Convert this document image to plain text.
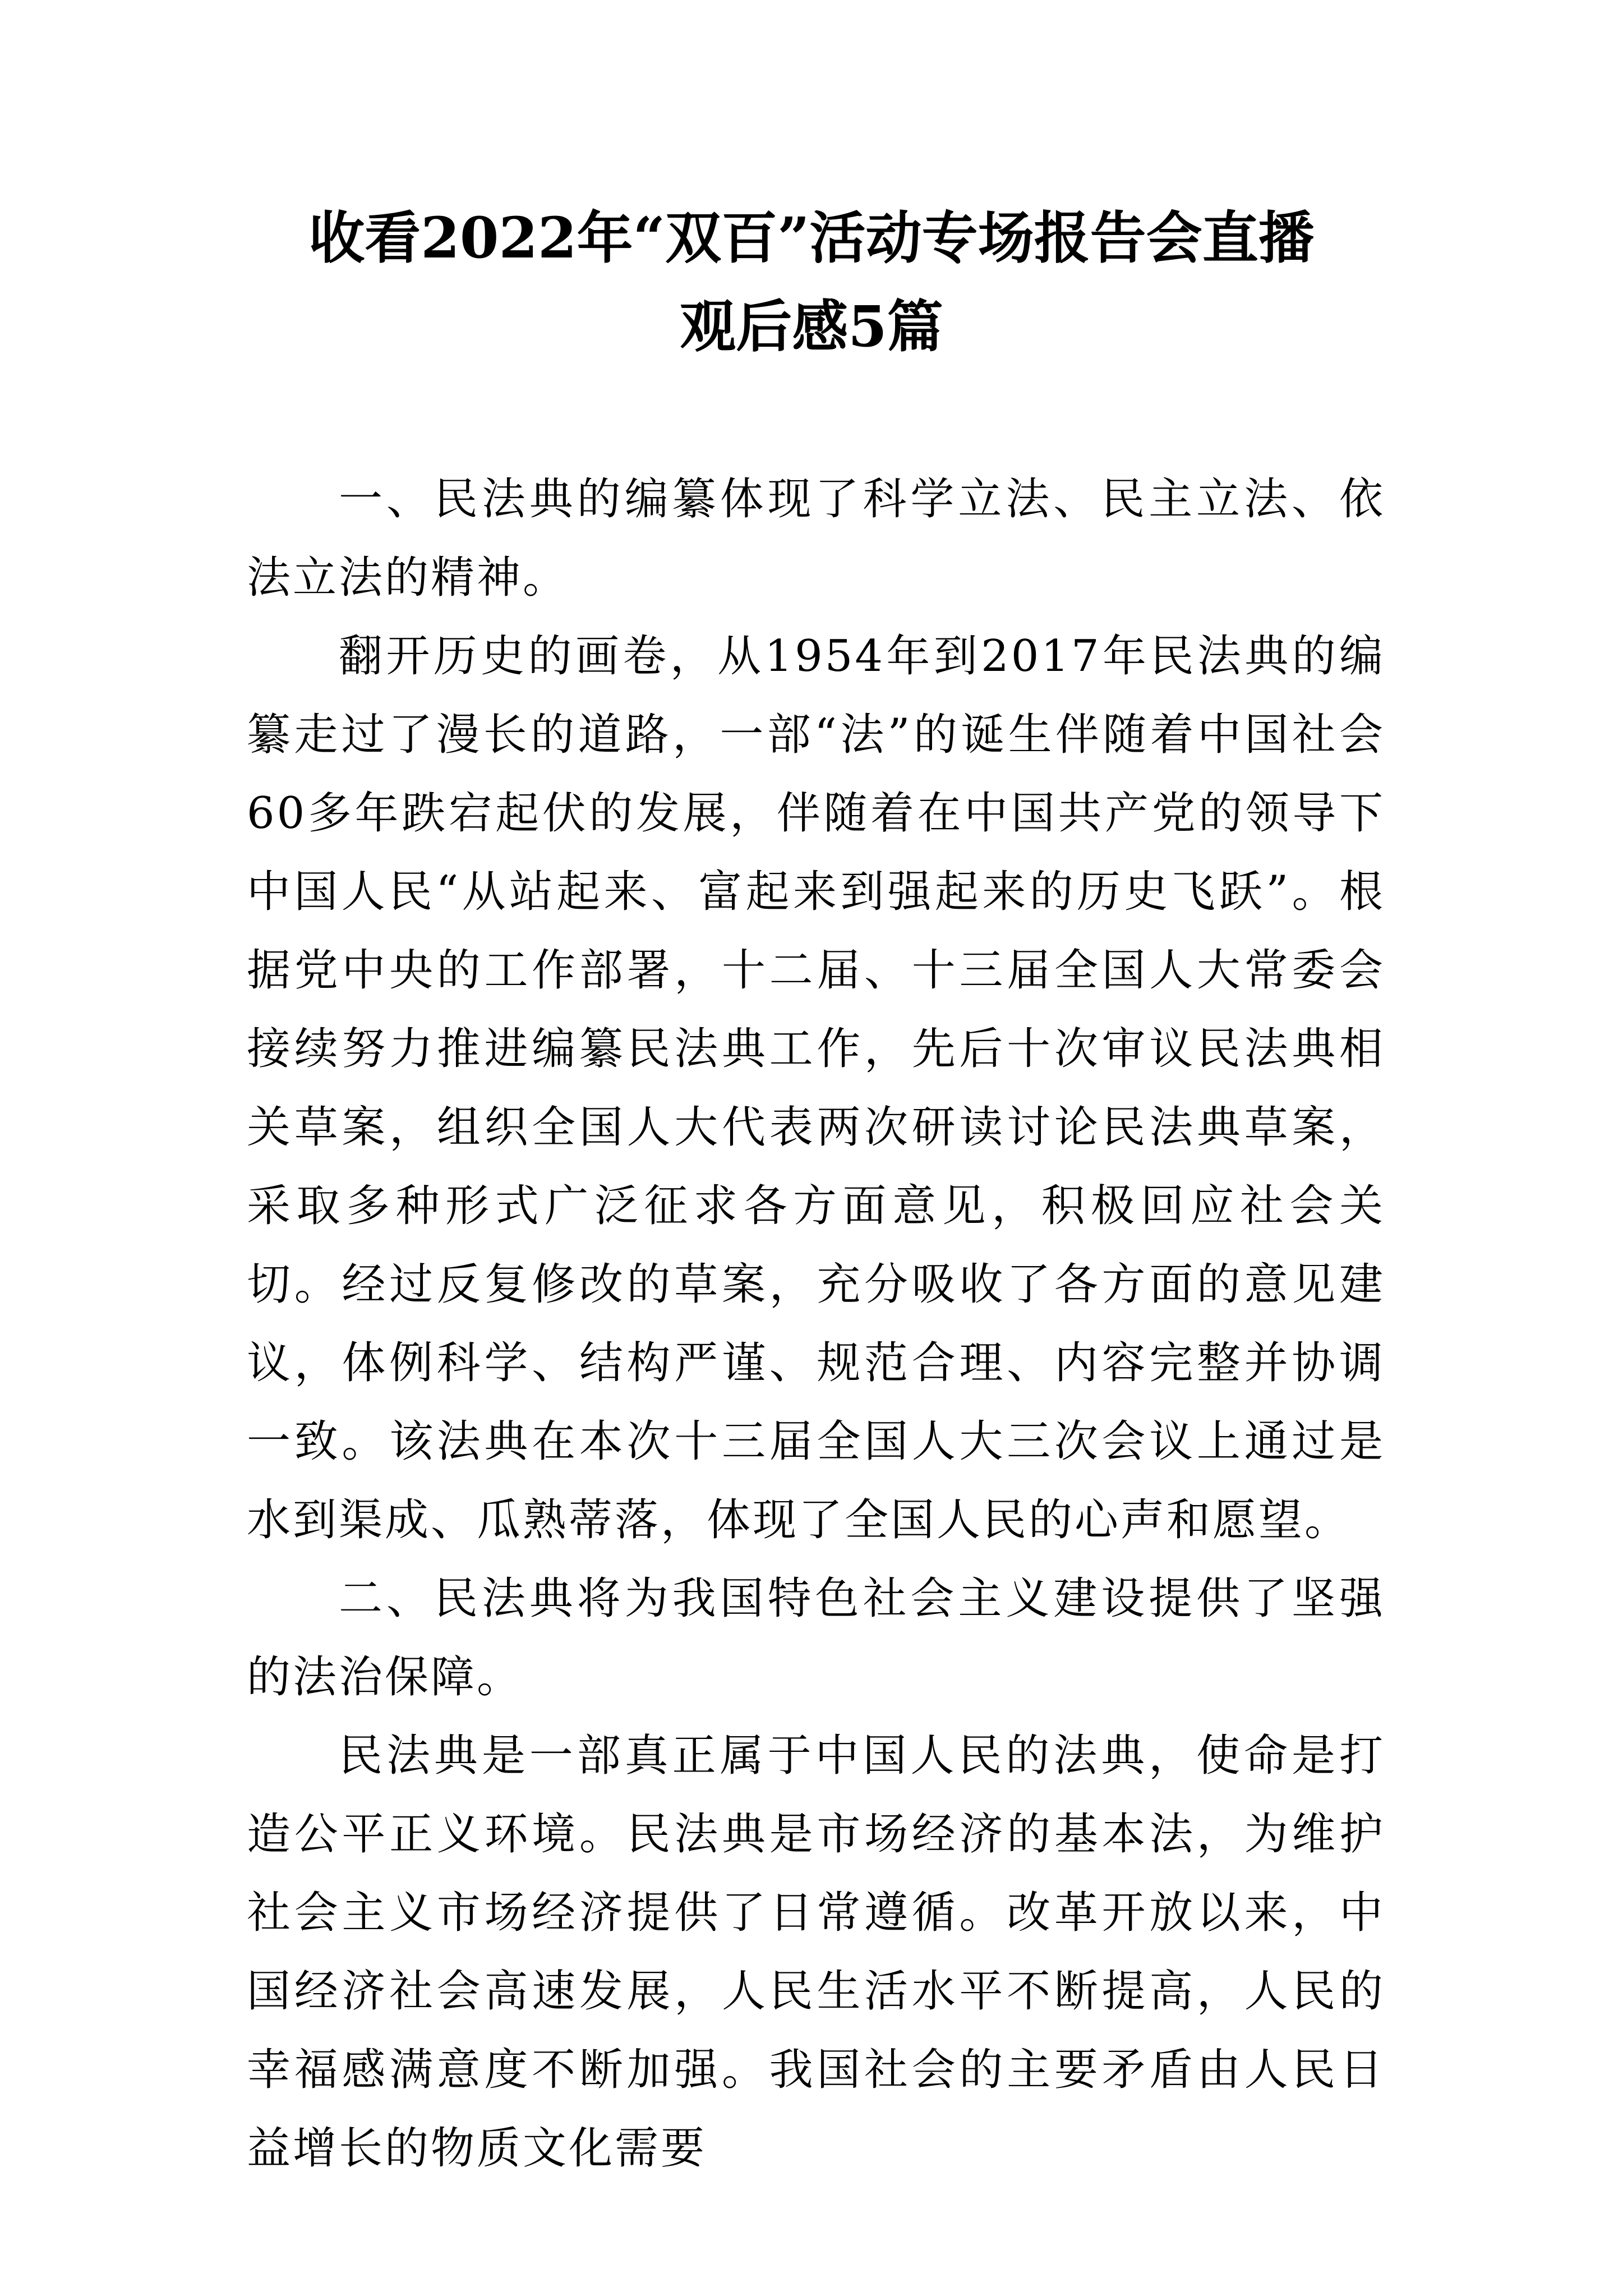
收看2022年“双百”活动专场报告会直播
观后感5篇

一、民法典的编纂体现了科学立法、民主立法、依法立法的精神。

翻开历史的画卷，从1954年到2017年民法典的编纂走过了漫长的道路，一部“法”的诞生伴随着中国社会60多年跌宕起伏的发展，伴随着在中国共产党的领导下中国人民“从站起来、富起来到强起来的历史飞跃”。根据党中央的工作部署，十二届、十三届全国人大常委会接续努力推进编纂民法典工作，先后十次审议民法典相关草案，组织全国人大代表两次研读讨论民法典草案，采取多种形式广泛征求各方面意见，积极回应社会关切。经过反复修改的草案，充分吸收了各方面的意见建议，体例科学、结构严谨、规范合理、内容完整并协调一致。该法典在本次十三届全国人大三次会议上通过是水到渠成、瓜熟蒂落，体现了全国人民的心声和愿望。

二、民法典将为我国特色社会主义建设提供了坚强的法治保障。

民法典是一部真正属于中国人民的法典，使命是打造公平正义环境。民法典是市场经济的基本法，为维护社会主义市场经济提供了日常遵循。改革开放以来，中国经济社会高速发展，人民生活水平不断提高，人民的幸福感满意度不断加强。我国社会的主要矛盾由人民日益增长的物质文化需要
